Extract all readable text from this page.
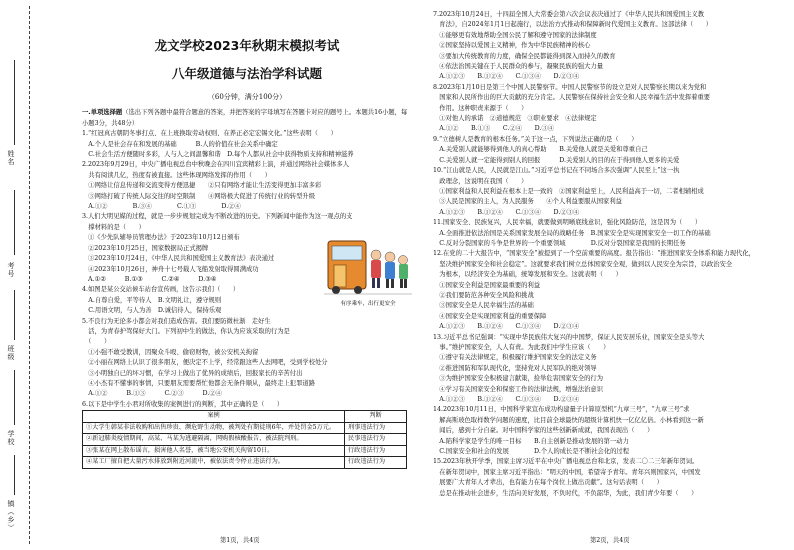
姓名
考号
班级
学校
镇（乡）
龙文学校2023年秋期末模拟考试
八年级道德与法治学科试题
（60分钟，满分100分）

一.单项选择题（选出下列各题中最符合题意的答案，并把答案的字母填写在答题卡对应的题号上。本题共16小题，每小题3分，共48分）

1.“红冠真古朝阴冬事打点、在上班换取劳动权则、在养正必定宏锡文化。”这些表明（　　）

　A.个人是社会存在和发展的基础　　　B.人的价值在社会关系中确定

　C.社会生活方便随时多彩，人与人之间温馨和谐　D.每个人都从社会中获得物质支持和精神滋养

2.2023年9月29日，中央广播电视总台中秋晚会在四川宜宾精彩上演，并通过网络社会媒体多人

　共有阅读几亿，热度有被直接。这些体现网络发挥的作用（　　）

　①网络让信息传递和交流变得方便迅捷　　②只有网络才能让生活变得更加丰富多彩

　③网络打破了传统人际交往的时空限制　　④网络极大促进了传统行业的转型升级

　A.①②　　　　B.③④　　　　C.①③　　　　D.②④

3.人们大明见媒的过程，就是一步步规划完成为不断改进的历史。下列新闻中能作为这一观点的支

　撑材料的是（　　）

①《少先队辅导员管理办法》于2023年10月12日颁布

②2023年10月25日，国家数据局正式揭牌

③2023年10月24日，《中华人民共和国爱国主义教育法》表决通过

④2023年10月26日，神舟十七号载人飞船发射取得圆满成功

A.①②　　　B.①③　　　C.②④　　　D.③④

4.如图是某公交站候车站台宣传画，这告示我们（　　）

　A.自尊自爱，平等待人　B.文明礼让，遵守规则

　C.用语文明，与人为善　D.诚信待人，保持乐观

5.不良行为无论多小都会对我们造成伤害。我们要防微杜渐　走好生

　活，为青春护驾保好大门。下列初中生的做法，你认为应该采取的行为是

有序乘车，出行更安全

　（　　）

　①小强不敢受教训，因聚众斗殴、偷窃财物，被公安机关拘留

　②小丽在网络上认识了很多朋友，便决定不上学，经常跟这些人去网吧，受到学校处分

　③小明独自已的坏习惯，在学习上做出了优异的成绩后，回报家长的辛苦付出

　④小杰有不懂事的事情，只要朋友需要帮忙他都会无条件顺从，最终走上犯罪道路

　A.①②　　　B.①③　　　C.②③　　　D.②④

6.以下是中学生小君对所收集的案例进行的判断，其中正确的是（　　）

案例	判断
①大学生韩某非法收购和出售珍贵、濒危野生动物，被判处有期徒刑6年，并处罚金5万元。	刑事违法行为
②新冠肺炎疫情期间，高某、马某为逃避隔离，网购假核酸报告，被法院判刑。	民事违法行为
③张某在网上散布谣言，损害他人名誉，被当地公安机关拘留10日。	行政违法行为
④某工厂擅自把大量污水排放到附近河流中，被依法责令停止违法行为。	行政违法行为

7.2023年10月24日，十四届全国人大常委会第六次会议表决通过了《中华人民共和国爱国主义教

　育法》，自2024年1月1日起施行，以法治方式推动和保障新时代爱国主义教育。这部法律（　　）

　①能够更有效地帮助全国公民了解和遵守国家的法律制度

　②国家坚持以爱国主义精神，作为中华民族精神的核心

　③要加大传统教育的力度，确保全民都能得到深入而持久的教育

　④依法治国关键在于人民群众的参与，凝聚民族的强大力量

　A.①②③　　B.①②④　　C.①③④　　D.②③④

8.2023年1月10日是第三个中国人民警察节。中国人民警察节的设立是对人民警察长期以来为党和

　国家和人民所作出的巨大贡献的充分肯定。人民警察在保持社会安全和人民幸福生活中发挥着重要

　作用。这种职责来源于（　　）

　①对他人的承诺　②道德规范　③职业要求　④法律规定

　A.①②　　B.①③　　C.②④　　D.③④

9.“立德树人是教育的根本任务。”关于这一点，下列说法正确的是（　　）

　A.关爱别人就能够得到他人的真心帮助　　B.关爱他人就是关爱和尊重自己

　C.关爱别人就一定能得到别人的回报　　　D.关爱别人的目的在于得到他人更多的关爱

10.“江山就是人民，人民就是江山。”习近平总书记在不同场合多次强调“人民至上”这一执

　政理念，这说明在我国（　　）

　①国家利益和人民利益在根本上是一致的　②国家利益至上，人民利益高于一切，二者相辅相成

　③人民是国家的主人，为人民服务　　④个人利益要服从国家利益

　A.①②③　　B.①②④　　C.①③④　　D.②③④

11.国家安全、民族复兴，人民幸福，就要做到明晰底线意识，强化风险防范，这是因为（　　）

　A.全面推进依法治国是关系国家发展全局的战略任务　B.国家安全是实现国家安全一切工作的基础

　C.反对分裂国家的斗争是世界的一个重要领域　　　　D.反对分裂国家是我国的长期任务

12.在党的二十大报告中，“国家安全”被提到了一个空前重要的高度。报告指出：“推进国家安全体系和能力现代化，

　坚决维护国家安全和社会稳定”。这就要求我们树立总体国家安全观，做到以人民安全为宗旨，以政治安全

　为根本，以经济安全为基础，统筹发展和安全。这就表明（　　）

　①国家安全利益是国家最重要的利益

　②我们要防范各种安全风险和挑战

　③国家安全是人民幸福生活的基础

　④国家安全是实现国家利益的重要保障

　A.①②③　　B.①②④　　C.①③④　　D.②③④

13.习近平总书记强调：“实现中华民族伟大复兴的中国梦，保证人民安居乐业，国家安全是头等大

　事。”维护国家安全，人人有责。为此我们中学生应该（　　）

　①遵守有关法律规定，积极履行维护国家安全的法定义务

　②推进国防和军队现代化，坚持党对人民军队的绝对领导

　③为维护国家安全积极建言献策，捡举危害国家安全的行为

　④学习有关国家安全和保密工作的法律法规，增强法治意识

　A.①②③　　B.①②④　　C.①③④　　D.②③④

14.2023年10月11日，中国科学家宣布成功构建量子计算原型机“九章三号”，“九章三号”求

　解高斯玻色取样数学问题的速度，比目前全球最快的超级计算机快一亿亿亿倍。小林看到这一新

　闻后，感到十分自豪。对中国科学家的这些创新新成就，我国表现出（　　）

　A.陷科学家是学生的唯一目标　　B.自主创新是推动发展的第一动力

　C.国家安全和社会的发展　　　　D.个人的成长是不断社会化的过程

15.2023年秋开学季，国家主席习近平在中央广播电视总台和北京，发表二〇二三年新年贺词。

　在新年贺词中，国家主席习近平指出：“明天的中国，希望寄予青年。青年兴则国家兴，中国发

　展要广大青年人才辈出，也有能力在每个岗位上做出贡献”。这句话表明（　　）

　总是在推动社会进步，生活向美好发展，不负时代，不负韶华，为此，我们青少年要（　　）

第1页，共4页	第2页，共4页
